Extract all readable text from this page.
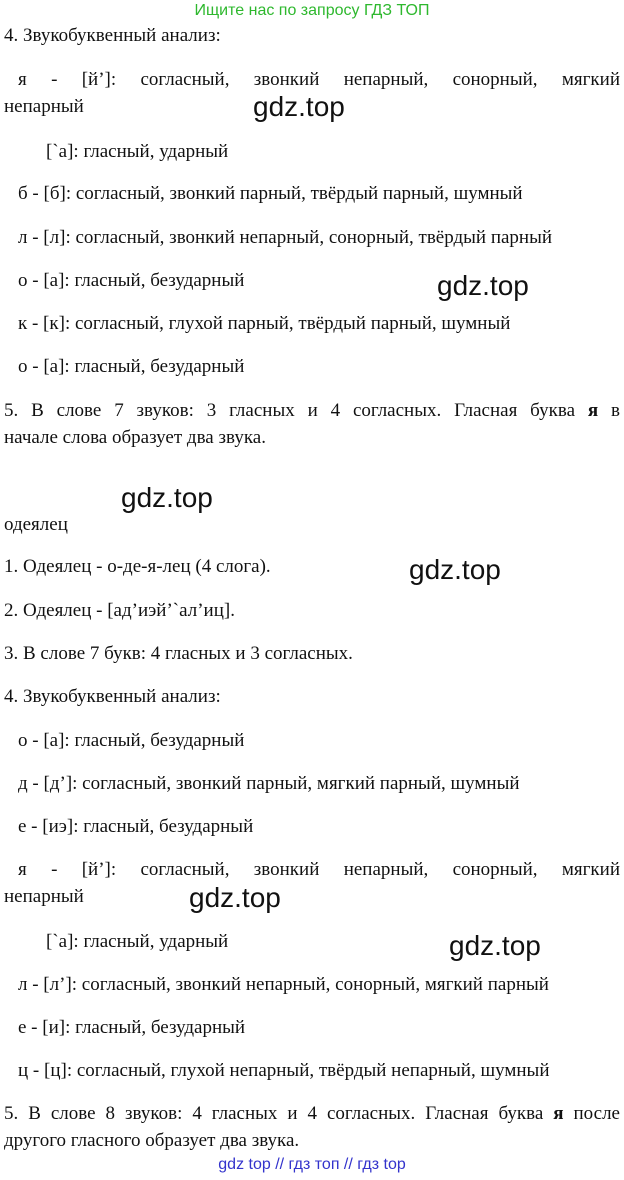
Ищите нас по запросу ГДЗ ТОП
4. Звукобуквенный анализ:
я - [й’]: согласный, звонкий непарный, сонорный, мягкий
непарный
[`а]: гласный, ударный
б - [б]: согласный, звонкий парный, твёрдый парный, шумный
л - [л]: согласный, звонкий непарный, сонорный, твёрдый парный
о - [а]: гласный, безударный
к - [к]: согласный, глухой парный, твёрдый парный, шумный
о - [а]: гласный, безударный
5. В слове 7 звуков: 3 гласных и 4 согласных. Гласная буква я в
начале слова образует два звука.
одеялец
1. Одеялец - о-де-я-лец (4 слога).
2. Одеялец - [ад’иэй’`ал’иц].
3. В слове 7 букв: 4 гласных и 3 согласных.
4. Звукобуквенный анализ:
о - [а]: гласный, безударный
д - [д’]: согласный, звонкий парный, мягкий парный, шумный
е - [иэ]: гласный, безударный
я - [й’]: согласный, звонкий непарный, сонорный, мягкий
непарный
[`а]: гласный, ударный
л - [л’]: согласный, звонкий непарный, сонорный, мягкий парный
е - [и]: гласный, безударный
ц - [ц]: согласный, глухой непарный, твёрдый непарный, шумный
5. В слове 8 звуков: 4 гласных и 4 согласных. Гласная буква я после
другого гласного образует два звука.
gdz.top
gdz.top
gdz.top
gdz.top
gdz.top
gdz.top
gdz top // гдз топ // гдз top
